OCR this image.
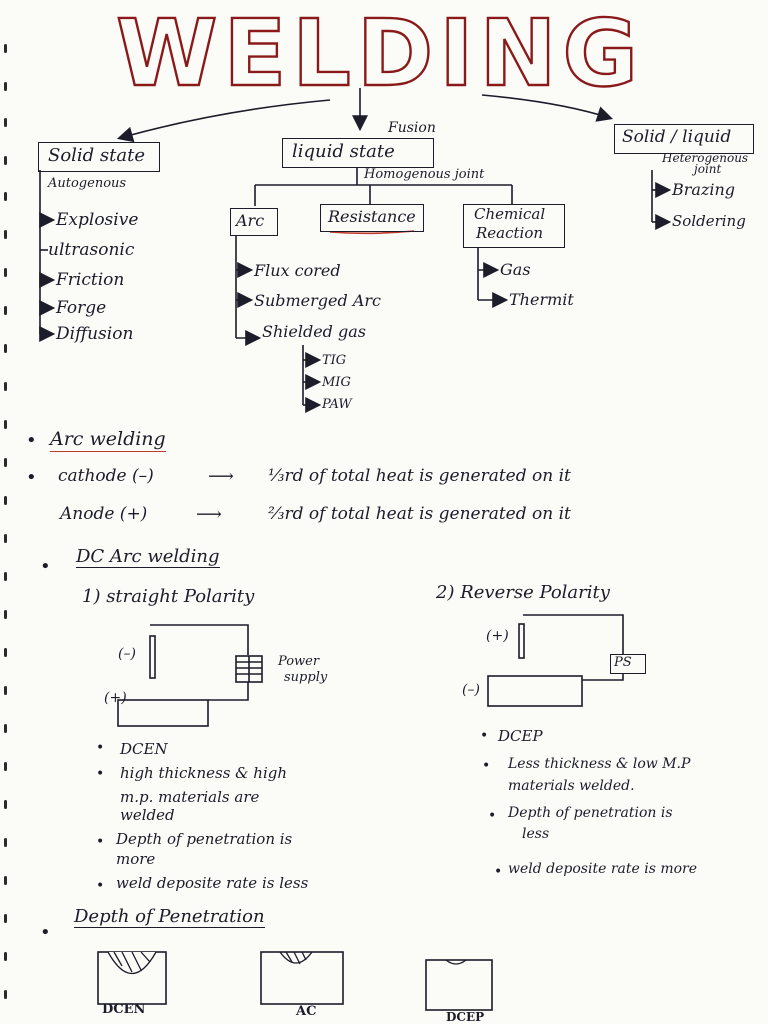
WELDING
Solid state
Autogenous
Explosive
ultrasonic
Friction
Forge
Diffusion
Fusion
liquid state
Homogenous joint
Arc	Resistance	Chemical
Reaction
Flux cored
Submerged Arc
Shielded gas
TIG
MIG
PAW
Gas
Thermit
Solid / liquid
Heterogenous
joint
Brazing
Soldering
• Arc welding
• cathode (–)	⟶ ⅓rd of total heat is generated on it
Anode (+)	⟶	⅔rd of total heat is generated on it
• DC Arc welding
1) straight Polarity	2) Reverse Polarity
(–)
(+)
Power
supply
(+)
(–)
PS
• DCEN
• high thickness & high
m.p. materials are
welded
• Depth of penetration is
more
• weld deposite rate is less
• DCEP
• Less thickness & low M.P
materials welded.
• Depth of penetration is
less
• weld deposite rate is more
•
Depth of Penetration
DCEN	AC	DCEP
